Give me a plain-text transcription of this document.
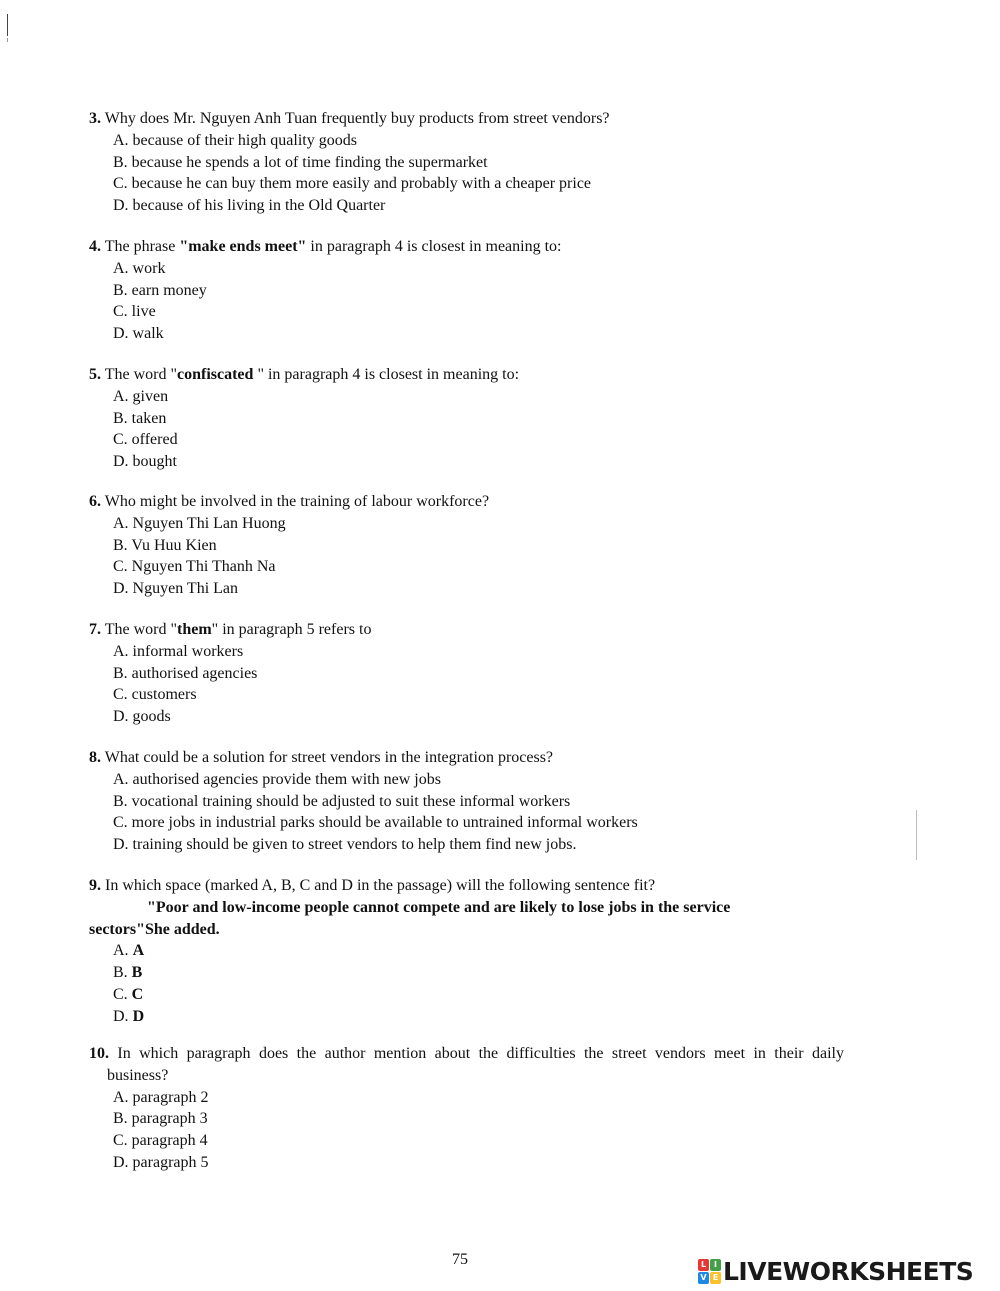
3. Why does Mr. Nguyen Anh Tuan frequently buy products from street vendors?
A. because of their high quality goods
B. because he spends a lot of time finding the supermarket
C. because he can buy them more easily and probably with a cheaper price
D. because of his living in the Old Quarter
4. The phrase "make ends meet" in paragraph 4 is closest in meaning to:
A. work
B. earn money
C. live
D. walk
5. The word "confiscated " in paragraph 4 is closest in meaning to:
A. given
B. taken
C. offered
D. bought
6. Who might be involved in the training of labour workforce?
A. Nguyen Thi Lan Huong
B. Vu Huu Kien
C. Nguyen Thi Thanh Na
D. Nguyen Thi Lan
7. The word "them" in paragraph 5 refers to
A. informal workers
B. authorised agencies
C. customers
D. goods
8. What could be a solution for street vendors in the integration process?
A. authorised agencies provide them with new jobs
B. vocational training should be adjusted to suit these informal workers
C. more jobs in industrial parks should be available to untrained informal workers
D. training should be given to street vendors to help them find new jobs.
9. In which space (marked A, B, C and D in the passage) will the following sentence fit?
"Poor and low-income people cannot compete and are likely to lose jobs in the service
sectors"She added.
A. A
B. B
C. C
D. D
10. In which paragraph does the author mention about the difficulties the street vendors meet in their daily
business?
A. paragraph 2
B. paragraph 3
C. paragraph 4
D. paragraph 5
75	L I
V E LIVEWORKSHEETS
